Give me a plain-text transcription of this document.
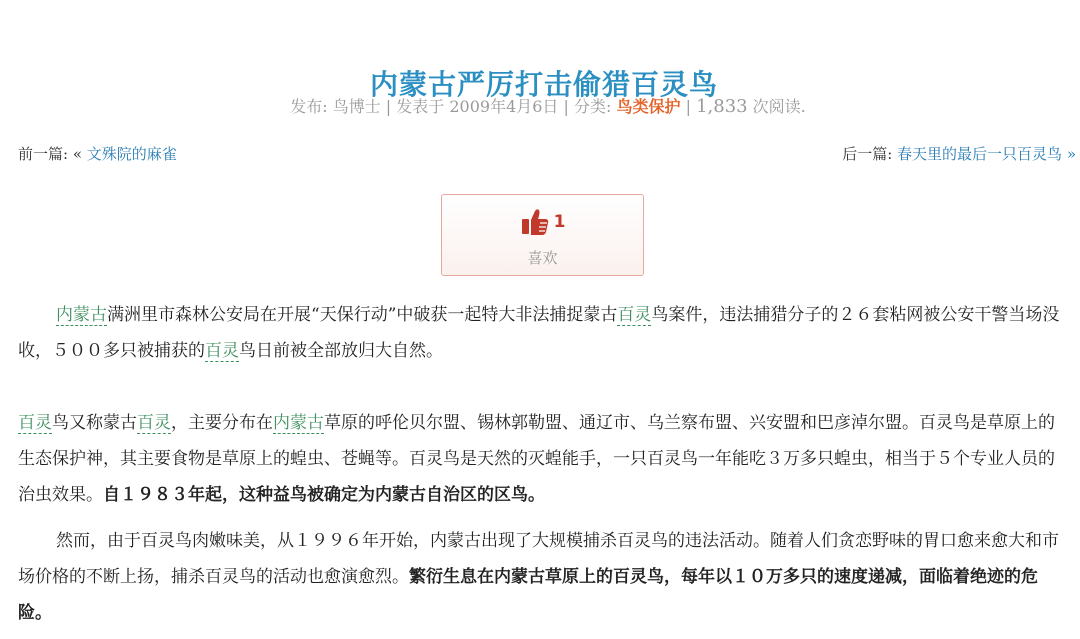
内蒙古严厉打击偷猎百灵鸟
发布: 鸟博士 | 发表于 2009年4月6日 | 分类: 鸟类保护 | 1,833 次阅读.
前一篇: « 文殊院的麻雀	后一篇: 春天里的最后一只百灵鸟 »
1
喜欢

内蒙古满洲里市森林公安局在开展“天保行动”中破获一起特大非法捕捉蒙古百灵鸟案件，违法捕猎分子的２６套粘网被公安干警当场没收，５００多只被捕获的百灵鸟日前被全部放归大自然。

百灵鸟又称蒙古百灵，主要分布在内蒙古草原的呼伦贝尔盟、锡林郭勒盟、通辽市、乌兰察布盟、兴安盟和巴彦淖尔盟。百灵鸟是草原上的生态保护神，其主要食物是草原上的蝗虫、苍蝇等。百灵鸟是天然的灭蝗能手，一只百灵鸟一年能吃３万多只蝗虫，相当于５个专业人员的治虫效果。自１９８３年起，这种益鸟被确定为内蒙古自治区的区鸟。

然而，由于百灵鸟肉嫩味美，从１９９６年开始，内蒙古出现了大规模捕杀百灵鸟的违法活动。随着人们贪恋野味的胃口愈来愈大和市场价格的不断上扬，捕杀百灵鸟的活动也愈演愈烈。繁衍生息在内蒙古草原上的百灵鸟，每年以１０万多只的速度递减，面临着绝迹的危险。
